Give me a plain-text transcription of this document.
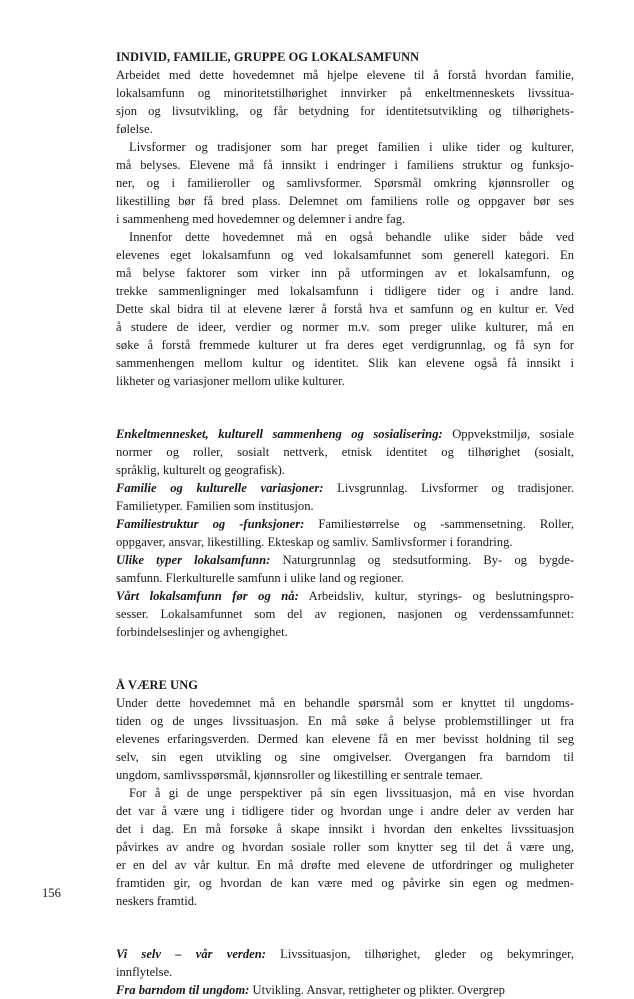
INDIVID, FAMILIE, GRUPPE OG LOKALSAMFUNN
Arbeidet med dette hovedemnet må hjelpe elevene til å forstå hvordan familie,
lokalsamfunn og minoritetstilhørighet innvirker på enkeltmenneskets livssitua-
sjon og livsutvikling, og får betydning for identitetsutvikling og tilhørighets-
følelse.
Livsformer og tradisjoner som har preget familien i ulike tider og kulturer,
må belyses. Elevene må få innsikt i endringer i familiens struktur og funksjo-
ner, og i familieroller og samlivsformer. Spørsmål omkring kjønnsroller og
likestilling bør få bred plass. Delemnet om familiens rolle og oppgaver bør ses
i sammenheng med hovedemner og delemner i andre fag.
Innenfor dette hovedemnet må en også behandle ulike sider både ved
elevenes eget lokalsamfunn og ved lokalsamfunnet som generell kategori. En
må belyse faktorer som virker inn på utformingen av et lokalsamfunn, og
trekke sammenligninger med lokalsamfunn i tidligere tider og i andre land.
Dette skal bidra til at elevene lærer å forstå hva et samfunn og en kultur er. Ved
å studere de ideer, verdier og normer m.v. som preger ulike kulturer, må en
søke å forstå fremmede kulturer ut fra deres eget verdigrunnlag, og få syn for
sammenhengen mellom kultur og identitet. Slik kan elevene også få innsikt i
likheter og variasjoner mellom ulike kulturer.
Enkeltmennesket, kulturell sammenheng og sosialisering: Oppvekstmiljø, sosiale
normer og roller, sosialt nettverk, etnisk identitet og tilhørighet (sosialt,
språklig, kulturelt og geografisk).
Familie og kulturelle variasjoner: Livsgrunnlag. Livsformer og tradisjoner.
Familietyper. Familien som institusjon.
Familiestruktur og -funksjoner: Familiestørrelse og -sammensetning. Roller,
oppgaver, ansvar, likestilling. Ekteskap og samliv. Samlivsformer i forandring.
Ulike typer lokalsamfunn: Naturgrunnlag og stedsutforming. By- og bygde-
samfunn. Flerkulturelle samfunn i ulike land og regioner.
Vårt lokalsamfunn før og nå: Arbeidsliv, kultur, styrings- og beslutningspro-
sesser. Lokalsamfunnet som del av regionen, nasjonen og verdenssamfunnet:
forbindelseslinjer og avhengighet.
Å VÆRE UNG
Under dette hovedemnet må en behandle spørsmål som er knyttet til ungdoms-
tiden og de unges livssituasjon. En må søke å belyse problemstillinger ut fra
elevenes erfaringsverden. Dermed kan elevene få en mer bevisst holdning til seg
selv, sin egen utvikling og sine omgivelser. Overgangen fra barndom til
ungdom, samlivsspørsmål, kjønnsroller og likestilling er sentrale temaer.
For å gi de unge perspektiver på sin egen livssituasjon, må en vise hvordan
det var å være ung i tidligere tider og hvordan unge i andre deler av verden har
det i dag. En må forsøke å skape innsikt i hvordan den enkeltes livssituasjon
påvirkes av andre og hvordan sosiale roller som knytter seg til det å være ung,
er en del av vår kultur. En må drøfte med elevene de utfordringer og muligheter
framtiden gir, og hvordan de kan være med og påvirke sin egen og medmen-
neskers framtid.
Vi selv – vår verden: Livssituasjon, tilhørighet, gleder og bekymringer,
innflytelse.
Fra barndom til ungdom: Utvikling. Ansvar, rettigheter og plikter. Overgrep
156
